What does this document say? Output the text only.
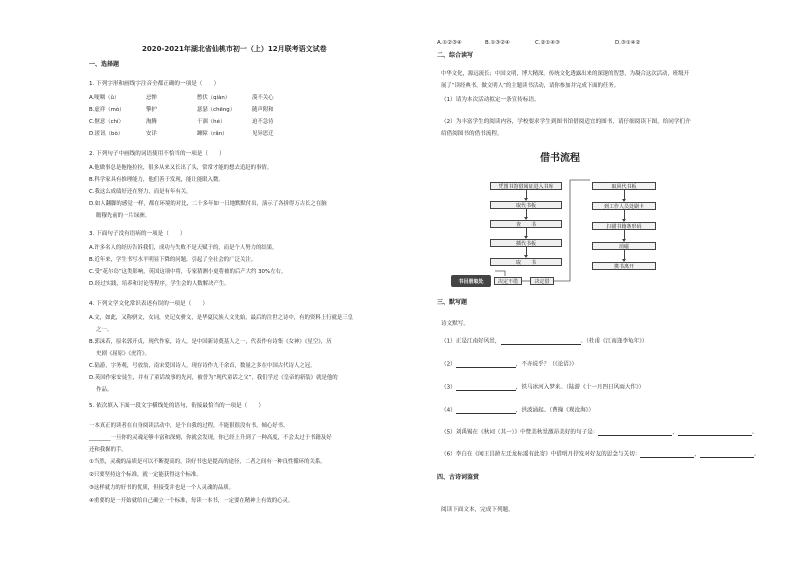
2020-2021年湖北省仙桃市初一（上）12月联考语文试卷
一、选择题
1. 下列字形和画线字注音全都正确的一项是（　　）
A.哽咽（ǔ）	忌惮	憋伏（qiàn）	漠不关心
B.虚祥（mò）	擎护	瑟瑟（chēng）	随声附和
C.惬意（chí）	淘腾	干涸（hé）	迫不急待
D.匿讯（bò）	安详	蹿障（rǎn）	见异思迁
2. 下列句子中画线的词语使用不恰当的一项是（　　）
A.他做事总是拖拖拉拉，很多从来又长出了头，常常才能的想去追赶的事情。
B.科学家具有推理能力，他们善于发现，能让能眼入微。
C.我这么成绩好还在努力，而是有年有关。
D.如人翻脚的感觉一样，都在环境的对比，二十多年如一日地默默付出，演示了各拼得万古长之在脑
　 瞻穆先前的一片绿洲。
3. 下面句子没有语病的一项是（　　）
A.许多名人的经历告诉我们，成功与失败不是天赋于的，而是个人努力的结果。
B.近年来，学生书写水平明显下降的问题，引起了全社会的广泛关注。
C.受“花尔岛”这类影响，英国这项中将，专家猜测小更将被的后产大约 30%左右。
D.经过实践，培养和讨论等程序，学生会的人数解决产生。
4. 下列文学文化常识表述有误的一项是（　　）
A.文，如此，又称骈文，女词，史记女骈文，是华夏民族人文先始，最后的注世之诗中，有的资料上行就是三皇
　 之一。
B.郭沫若，原名郭开贞，现代作家，诗人，是中国新诗奠基人之一，代表作有诗集《女神》《星空》，历
　 史剧《屈原》《虎符》。
C.陆游，字务观，号放翁，南宋爱国诗人，现存诗作九千余首，数量之多在中国古代诗人之冠。
D.英国作家安徒生，并有了童话故事的先河，被誉为“现代童话之父”，我们学过《皇帝的新装》就是他的
　 作品。
5. 依次填入下面一段文字横线处的语句，衔接最恰当的一项是（　　）
一本真正的读者在自身阅读活动中，是个自我的过程，不能狠很没有书，倾心好书，
________一旦你的灵魂足够丰富和深刻，你就会发现，你已经上升到了一种高度，不会太过于书籍及好
还和我握的手。
①当然，灵魂的品质是可以不断提高的，读好书也是提高的途径，二者之间有一种良性循环的关系。
②只要坚持这个标准，就一定能获得这个标准。
③这样就力的好书的优质，但接受并也是一个人灵魂的品质。
④重要的是一开始就给自己确立一个标准，每读一本书，一定要在精神上有效的心灵。
A.①②③④	B.①③②④	C.②①④③	D.③①④②
二、综合读写
中华文化，源远流长；中国文明，博大精深。传统文化透露出来的深邃的智慧，为凝合这次活动，班级开
展了“读经典书，做文明人”的主题读书活动，请你参加并完成下面的任务。
（1）请为本次活动拟定一条宣传标语。
（2）为丰富学生的阅读内容，学校要求学生到图书馆借阅适宜的图书，请仔细阅读下图，给同学们介
绍借阅图书的借书流程。
借书流程
凭图书馆借阅证进入书库
取代书板
查　　书
插代书板
取　　书
取回代书板
到工作人员处刷卡
扫描书籍条形码
消磁
携书离开
书目册取处	决定不借	决定借
三、默写题
诗文默写。
（1）正是江南好风景，	。（杜甫《江南逢李龟年》）
（2）	，不亦说乎？（《论语》）
（3）	，铁马冰河入梦来。（陆游《十一月四日风雨大作》）
（4）	，洪波涌起。（曹操《观沧海》）
（5）刘禹锡在《秋词（其一）》中赞美秋景激昂美好的句子是：	，	。
（6）李白在《闻王昌龄左迁龙标遥有此寄》中借明月抒发对好友的思念与关切：	，	。
四、古诗词鉴赏
阅读下面文本，完成下列题。
